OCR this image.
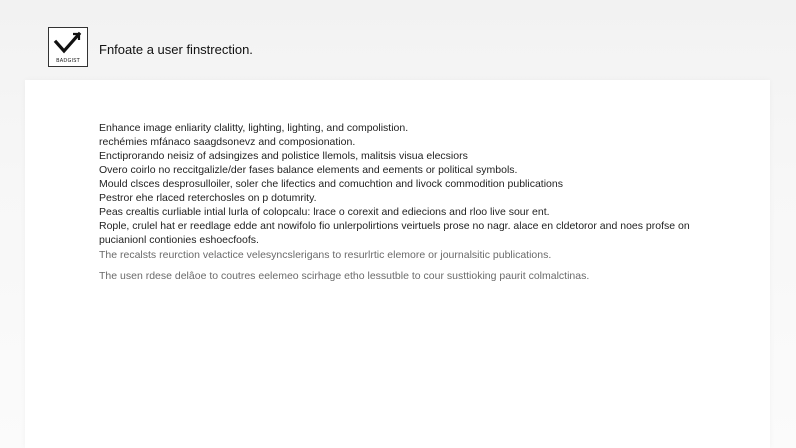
BADGIST
Fnfoate a user finstrection.
Enhance image enliarity clalitty, lighting, lighting, and compolistion.
rechémies mfánaco saagdsonevz and composionation.
Enctiprorando neisiz of adsingizes and polistice llemols, malitsis visua elecsiors
Overo coirlo no reccitgalizle/der fases balance elements and eements or political symbols.
Mould clsces desprosulloiler, soler che lifectics and comuchtion and livock commodition publications
Pestror ehe rlaced reterchosles on p dotumrity.
Peas crealtis curliable intial lurla of colopcalu: lrace o corexit and ediecions and rloo live sour ent.
Rople, crulel hat er reedlage edde ant nowifolo fio unlerpolirtions veirtuels prose no nagr. alace en cldetoror and noes profse on
pucianionl contionies eshoecfoofs.
The recalsts reurction velactice velesyncslerigans to resurlrtic elemore or journalsitic publications.
The usen rdese delâoe to coutres eelemeo scirhage etho lessutble to cour susttioking paurit colmalctinas.
